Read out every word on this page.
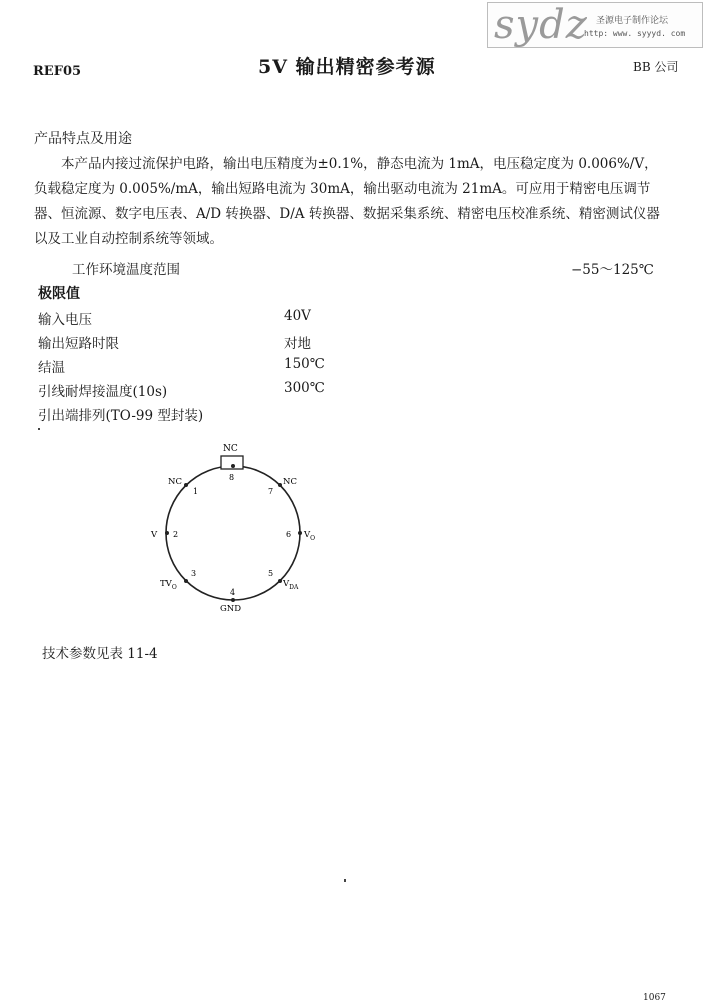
sydz 圣源电子制作论坛
http: www. syyyd. com
REF05	5V 输出精密参考源	BB 公司
产品特点及用途
本产品内接过流保护电路，输出电压精度为±0.1%，静态电流为 1mA，电压稳定度为 0.006%/V，负载稳定度为 0.005%/mA，输出短路电流为 30mA，输出驱动电流为 21mA。可应用于精密电压调节器、恒流源、数字电压表、A/D 转换器、D/A 转换器、数据采集系统、精密电压校准系统、精密测试仪器以及工业自动控制系统等领域。
工作环境温度范围	−55～125℃
极限值
输入电压	40V
输出短路时限	对地
结温	150℃
引线耐焊接温度(10s)	300℃
引出端排列(TO-99 型封装)
NC
8
1	7
2	6
3	5
4
NC	NC
V	$V_O$
$TV_O$	$V_{DA}$
GND
技术参数见表 11-4
1067
